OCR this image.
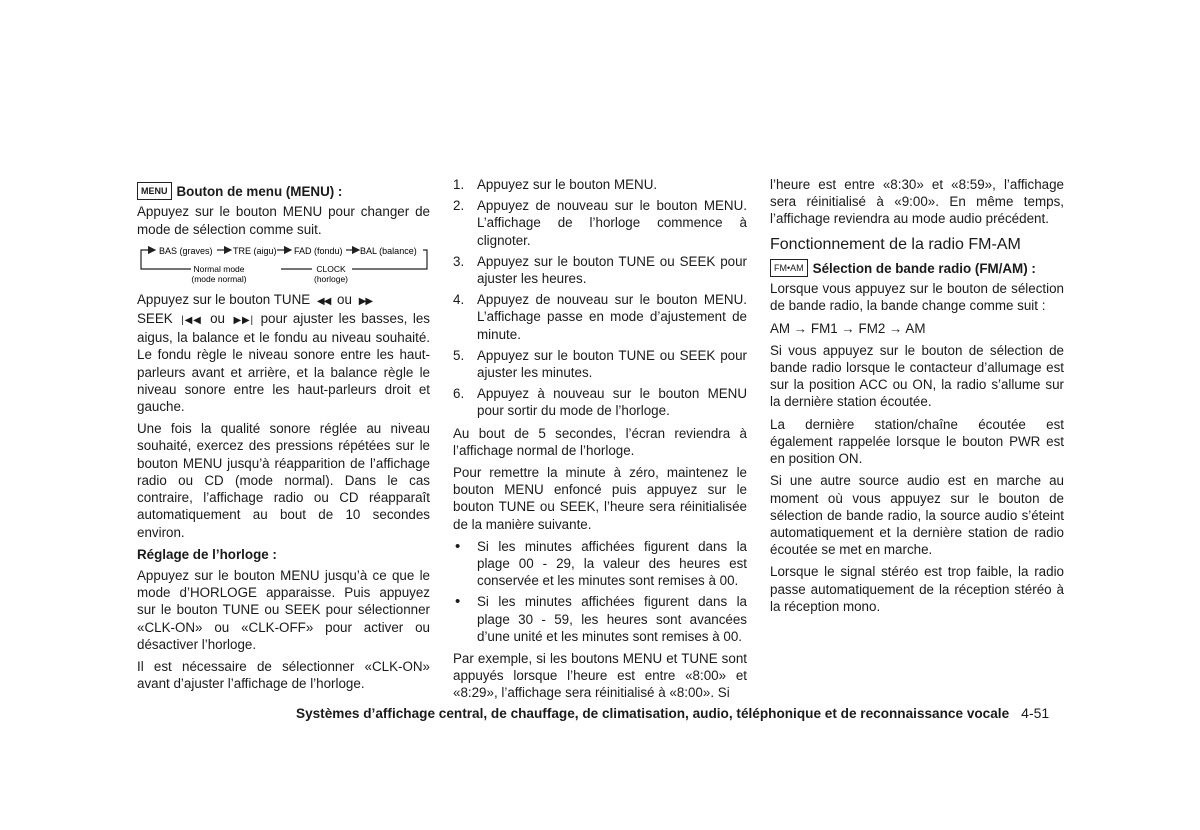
MENU Bouton de menu (MENU) :

Appuyez sur le bouton MENU pour changer de mode de sélection comme suit.

BAS (graves) TRE (aigu) FAD (fondu) BAL (balance)
Normal mode
(mode normal)
CLOCK
(horloge)

Appuyez sur le bouton TUNE ◀◀ ou ▶▶
SEEK |◀◀ ou ▶▶| pour ajuster les basses, les aigus, la balance et le fondu au niveau souhaité. Le fondu règle le niveau sonore entre les haut-parleurs avant et arrière, et la balance règle le niveau sonore entre les haut-parleurs droit et gauche.

Une fois la qualité sonore réglée au niveau souhaité, exercez des pressions répétées sur le bouton MENU jusqu’à réapparition de l’affichage radio ou CD (mode normal). Dans le cas contraire, l’affichage radio ou CD réapparaît automatiquement au bout de 10 secondes environ.

Réglage de l’horloge :

Appuyez sur le bouton MENU jusqu’à ce que le mode d’HORLOGE apparaisse. Puis appuyez sur le bouton TUNE ou SEEK pour sélectionner «CLK-ON» ou «CLK-OFF» pour activer ou désactiver l’horloge.

Il est nécessaire de sélectionner «CLK-ON» avant d’ajuster l’affichage de l’horloge.

1. Appuyez sur le bouton MENU.
2. Appuyez de nouveau sur le bouton MENU. L’affichage de l’horloge commence à clignoter.
3. Appuyez sur le bouton TUNE ou SEEK pour ajuster les heures.
4. Appuyez de nouveau sur le bouton MENU. L’affichage passe en mode d’ajustement de minute.
5. Appuyez sur le bouton TUNE ou SEEK pour ajuster les minutes.
6. Appuyez à nouveau sur le bouton MENU pour sortir du mode de l’horloge.

Au bout de 5 secondes, l’écran reviendra à l’affichage normal de l’horloge.

Pour remettre la minute à zéro, maintenez le bouton MENU enfoncé puis appuyez sur le bouton TUNE ou SEEK, l’heure sera réinitialisée de la manière suivante.

• Si les minutes affichées figurent dans la plage 00 - 29, la valeur des heures est conservée et les minutes sont remises à 00.
• Si les minutes affichées figurent dans la plage 30 - 59, les heures sont avancées d’une unité et les minutes sont remises à 00.

Par exemple, si les boutons MENU et TUNE sont appuyés lorsque l’heure est entre «8:00» et «8:29», l’affichage sera réinitialisé à «8:00». Si

l’heure est entre «8:30» et «8:59», l’affichage sera réinitialisé à «9:00». En même temps, l’affichage reviendra au mode audio précédent.

Fonctionnement de la radio FM-AM
FM•AM Sélection de bande radio (FM/AM) :

Lorsque vous appuyez sur le bouton de sélection de bande radio, la bande change comme suit :

AM → FM1 → FM2 → AM

Si vous appuyez sur le bouton de sélection de bande radio lorsque le contacteur d’allumage est sur la position ACC ou ON, la radio s’allume sur la dernière station écoutée.

La dernière station/chaîne écoutée est également rappelée lorsque le bouton PWR est en position ON.

Si une autre source audio est en marche au moment où vous appuyez sur le bouton de sélection de bande radio, la source audio s’éteint automatiquement et la dernière station de radio écoutée se met en marche.

Lorsque le signal stéréo est trop faible, la radio passe automatiquement de la réception stéréo à la réception mono.

Systèmes d’affichage central, de chauffage, de climatisation, audio, téléphonique et de reconnaissance vocale 4-51
